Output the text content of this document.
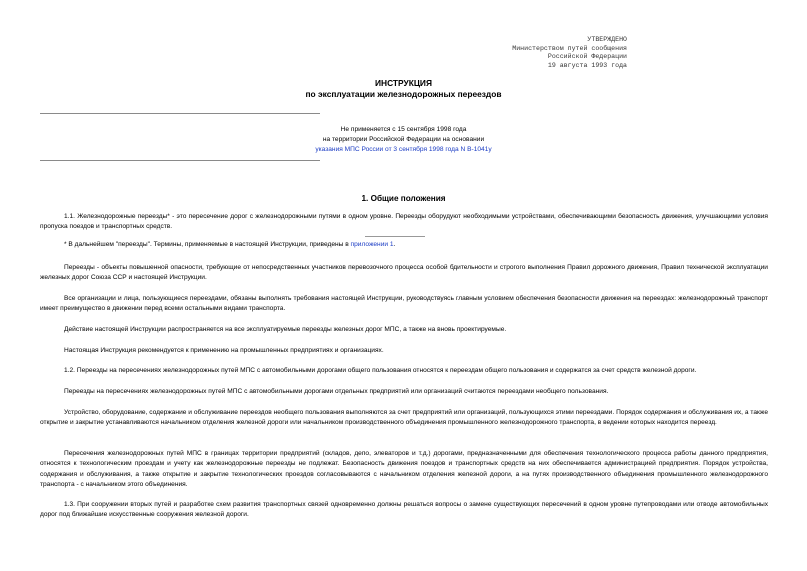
УТВЕРЖДЕНО
Министерством путей сообщения
Российской Федерации
19 августа 1993 года
ИНСТРУКЦИЯ
по эксплуатации железнодорожных переездов
Не применяется с 15 сентября 1998 года
на территории Российской Федерации на основании
указания МПС России от 3 сентября 1998 года N В-1041у
1. Общие положения

1.1. Железнодорожные переезды* - это пересечение дорог с железнодорожными путями в одном уровне. Переезды оборудуют необходимыми устройствами, обеспечивающими безопасность движения, улучшающими условия пропуска поездов и транспортных средств.

* В дальнейшем "переезды". Термины, применяемые в настоящей Инструкции, приведены в приложении 1.

Переезды - объекты повышенной опасности, требующие от непосредственных участников перевозочного процесса особой бдительности и строгого выполнения Правил дорожного движения, Правил технической эксплуатации железных дорог Союза ССР и настоящей Инструкции.

Все организации и лица, пользующиеся переездами, обязаны выполнять требования настоящей Инструкции, руководствуясь главным условием обеспечения безопасности движения на переездах: железнодорожный транспорт имеет преимущество в движении перед всеми остальными видами транспорта.

Действие настоящей Инструкции распространяется на все эксплуатируемые переезды железных дорог МПС, а также на вновь проектируемые.

Настоящая Инструкция рекомендуется к применению на промышленных предприятиях и организациях.

1.2. Переезды на пересечениях железнодорожных путей МПС с автомобильными дорогами общего пользования относятся к переездам общего пользования и содержатся за счет средств железной дороги.

Переезды на пересечениях железнодорожных путей МПС с автомобильными дорогами отдельных предприятий или организаций считаются переездами необщего пользования.

Устройство, оборудование, содержание и обслуживание переездов необщего пользования выполняются за счет предприятий или организаций, пользующихся этими переездами. Порядок содержания и обслуживания их, а также открытие и закрытие устанавливаются начальником отделения железной дороги или начальником производственного объединения промышленного железнодорожного транспорта, в ведении которых находится переезд.

Пересечения железнодорожных путей МПС в границах территории предприятий (складов, депо, элеваторов и т.д.) дорогами, предназначенными для обеспечения технологического процесса работы данного предприятия, относятся к технологическим проездам и учету как железнодорожные переезды не подлежат. Безопасность движения поездов и транспортных средств на них обеспечивается администрацией предприятия. Порядок устройства, содержания и обслуживания, а также открытие и закрытие технологических проездов согласовываются с начальником отделения железной дороги, а на путях производственного объединения промышленного железнодорожного транспорта - с начальником этого объединения.

1.3. При сооружении вторых путей и разработке схем развития транспортных связей одновременно должны решаться вопросы о замене существующих пересечений в одном уровне путепроводами или отводе автомобильных дорог под ближайшие искусственные сооружения железной дороги.
